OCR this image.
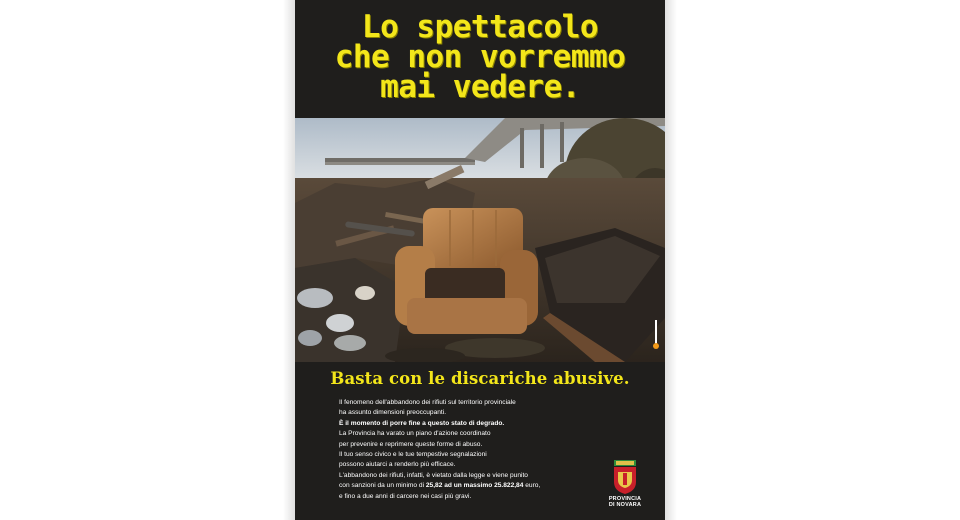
Lo spettacolo
che non vorremmo
mai vedere.
Basta con le discariche abusive.
Il fenomeno dell'abbandono dei rifiuti sul territorio provinciale
ha assunto dimensioni preoccupanti.
È il momento di porre fine a questo stato di degrado.
La Provincia ha varato un piano d'azione coordinato
per prevenire e reprimere queste forme di abuso.
Il tuo senso civico e le tue tempestive segnalazioni
possono aiutarci a renderlo più efficace.
L'abbandono dei rifiuti, infatti, è vietato dalla legge e viene punito
con sanzioni da un minimo di 25,82 ad un massimo 25.822,84 euro,
e fino a due anni di carcere nei casi più gravi.	PROVINCIA
DI NOVARA
